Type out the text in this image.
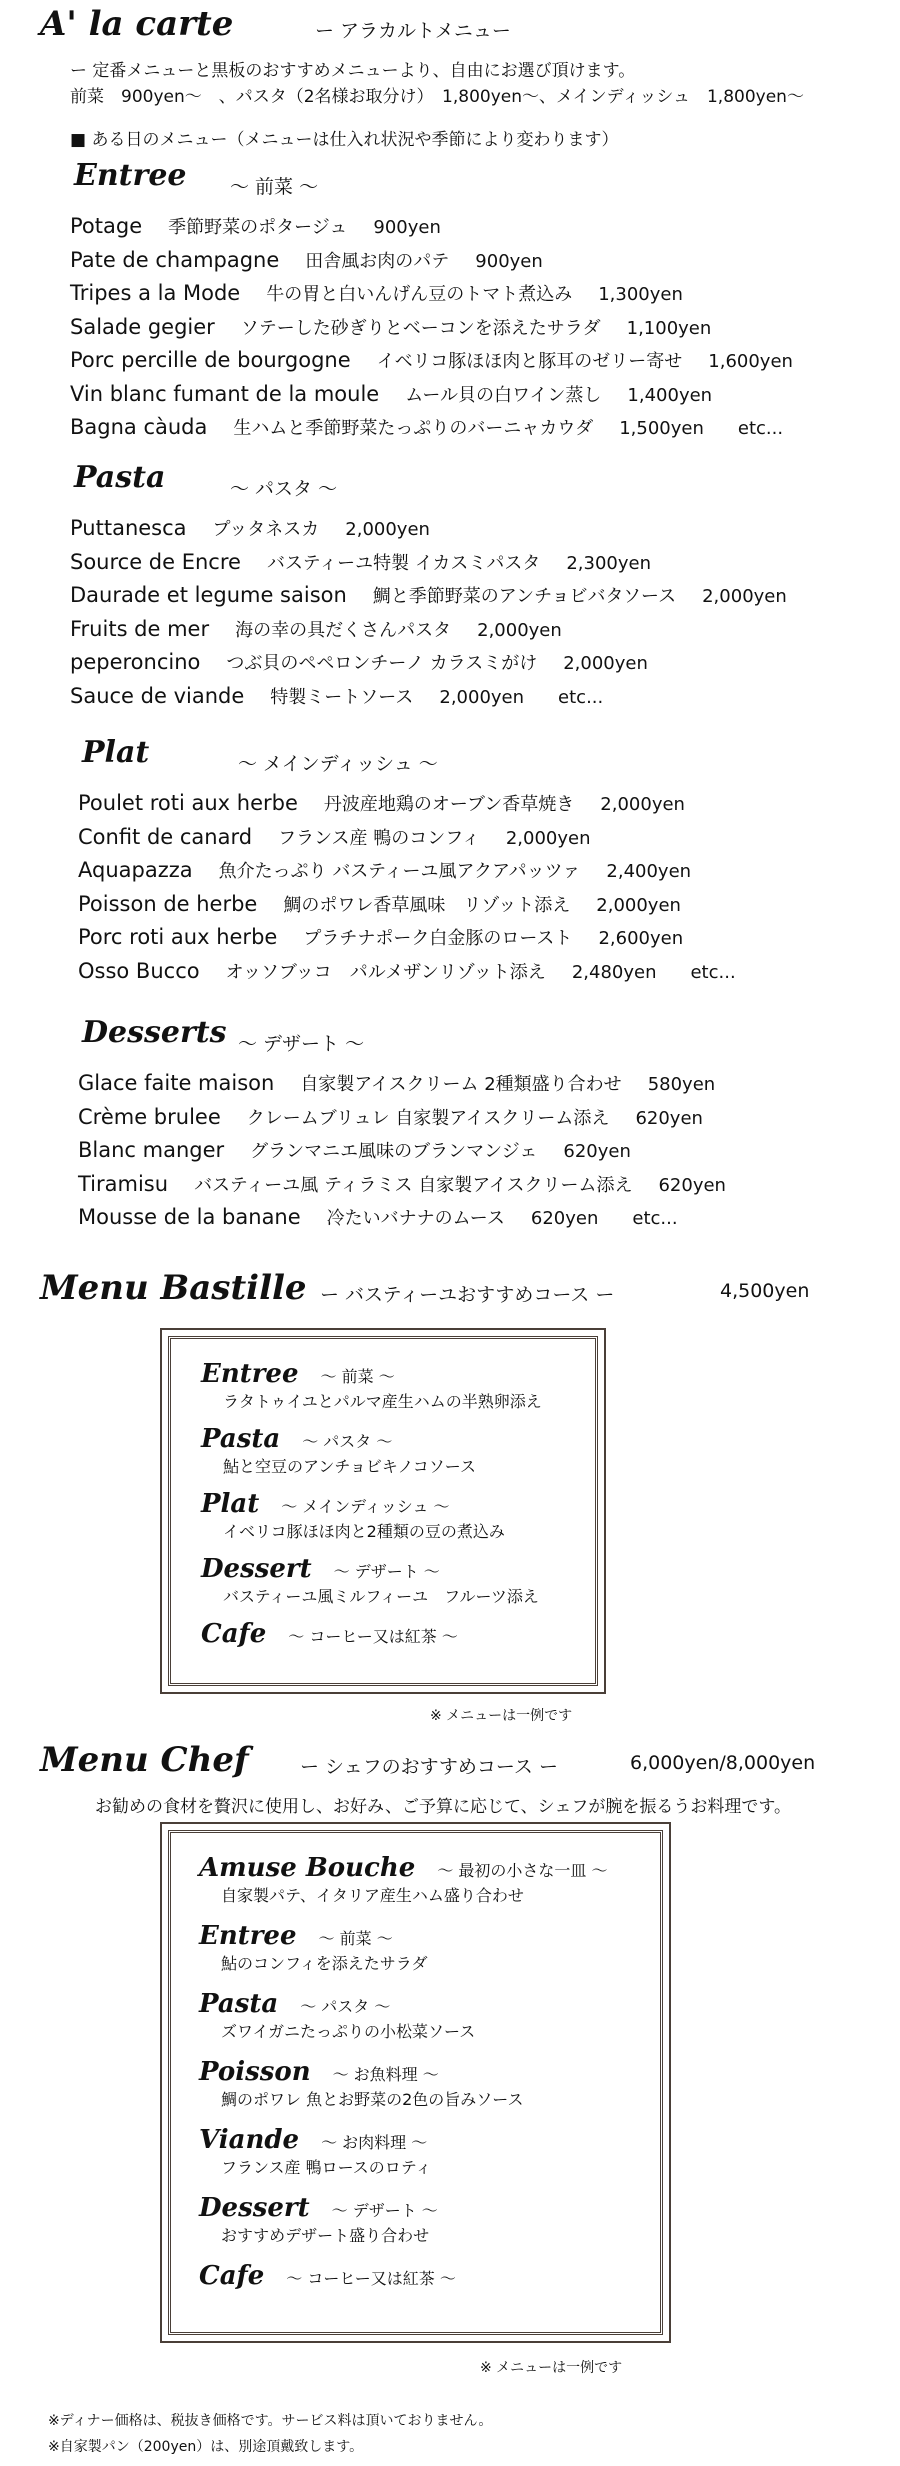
A' la carte	ー アラカルトメニュー
ー 定番メニューと黒板のおすすめメニューより、自由にお選び頂けます。
前菜　900yen〜　、パスタ（2名様お取分け）　1,800yen〜、メインディッシュ　1,800yen〜
■ ある日のメニュー（メニューは仕入れ状況や季節により変わります）
Entree 〜 前菜 〜
Potage 季節野菜のポタージュ 900yen
Pate de champagne 田舎風お肉のパテ 900yen
Tripes a la Mode 牛の胃と白いんげん豆のトマト煮込み 1,300yen
Salade gegier ソテーした砂ぎりとベーコンを添えたサラダ 1,100yen
Porc percille de bourgogne イベリコ豚ほほ肉と豚耳のゼリー寄せ 1,600yen
Vin blanc fumant de la moule ムール貝の白ワイン蒸し 1,400yen
Bagna càuda 生ハムと季節野菜たっぷりのバーニャカウダ 1,500yen etc...
Pasta	〜 パスタ 〜
Puttanesca プッタネスカ 2,000yen
Source de Encre バスティーユ特製 イカスミパスタ 2,300yen
Daurade et legume saison 鯛と季節野菜のアンチョビバタソース 2,000yen
Fruits de mer 海の幸の具だくさんパスタ 2,000yen
peperoncino つぶ貝のペペロンチーノ カラスミがけ 2,000yen
Sauce de viande 特製ミートソース 2,000yen etc...
Plat	〜 メインディッシュ 〜
Poulet roti aux herbe 丹波産地鶏のオーブン香草焼き 2,000yen
Confit de canard フランス産 鴨のコンフィ 2,000yen
Aquapazza 魚介たっぷり バスティーユ風アクアパッツァ 2,400yen
Poisson de herbe 鯛のポワレ香草風味　リゾット添え 2,000yen
Porc roti aux herbe プラチナポーク白金豚のロースト 2,600yen
Osso Bucco オッソブッコ　パルメザンリゾット添え 2,480yen etc...
Desserts 〜 デザート 〜
Glace faite maison 自家製アイスクリーム 2種類盛り合わせ 580yen
Crème brulee クレームブリュレ 自家製アイスクリーム添え 620yen
Blanc manger グランマニエ風味のブランマンジェ 620yen
Tiramisu バスティーユ風 ティラミス 自家製アイスクリーム添え 620yen
Mousse de la banane 冷たいバナナのムース 620yen etc...
Menu Bastille ー バスティーユおすすめコース ー	4,500yen
Entree 〜 前菜 〜
ラタトゥイユとパルマ産生ハムの半熟卵添え
Pasta 〜 パスタ 〜
鮎と空豆のアンチョビキノコソース
Plat 〜 メインディッシュ 〜
イベリコ豚ほほ肉と2種類の豆の煮込み
Dessert 〜 デザート 〜
バスティーユ風ミルフィーユ　フルーツ添え
Cafe 〜 コーヒー又は紅茶 〜
※ メニューは一例です
Menu Chef	ー シェフのおすすめコース ー	6,000yen/8,000yen
お勧めの食材を贅沢に使用し、お好み、ご予算に応じて、シェフが腕を振るうお料理です。
Amuse Bouche 〜 最初の小さな一皿 〜
自家製パテ、イタリア産生ハム盛り合わせ
Entree 〜 前菜 〜
鮎のコンフィを添えたサラダ
Pasta 〜 パスタ 〜
ズワイガニたっぷりの小松菜ソース
Poisson 〜 お魚料理 〜
鯛のポワレ 魚とお野菜の2色の旨みソース
Viande 〜 お肉料理 〜
フランス産 鴨ロースのロティ
Dessert 〜 デザート 〜
おすすめデザート盛り合わせ
Cafe 〜 コーヒー又は紅茶 〜
※ メニューは一例です
※ディナー価格は、税抜き価格です。サービス料は頂いておりません。
※自家製パン（200yen）は、別途頂戴致します。
